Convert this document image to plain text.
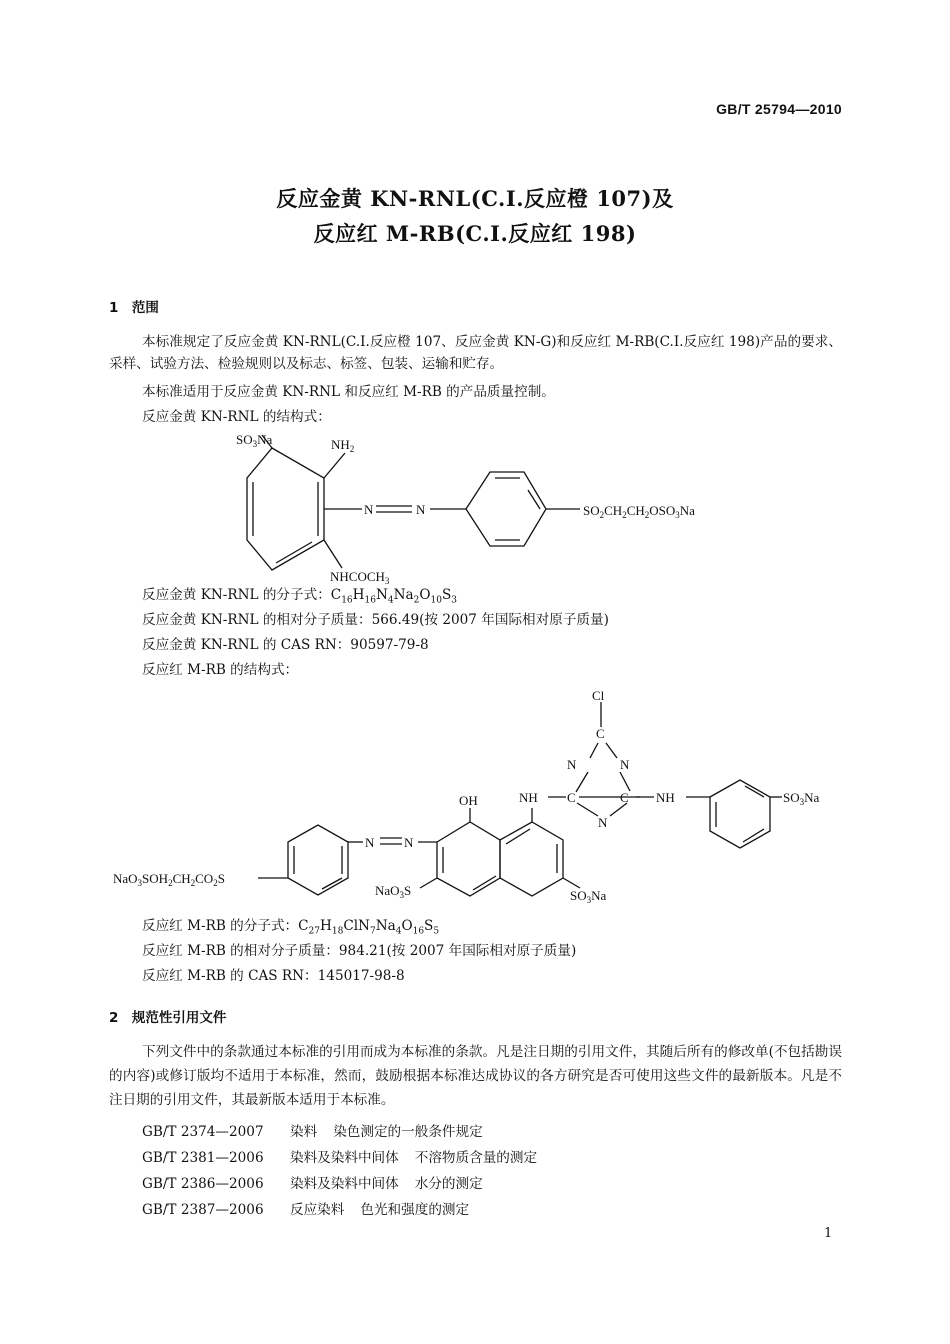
GB/T 25794—2010
反应金黄 KN-RNL(C.I.反应橙 107)及
反应红 M-RB(C.I.反应红 198)
1　范围
本标准规定了反应金黄 KN-RNL(C.I.反应橙 107、反应金黄 KN-G)和反应红 M-RB(C.I.反应红 198)产品的要求、采样、试验方法、检验规则以及标志、标签、包装、运输和贮存。
本标准适用于反应金黄 KN-RNL 和反应红 M-RB 的产品质量控制。
反应金黄 KN-RNL 的结构式：
$SO_3Na$	$NH_2$
N	N	$SO_2CH_2CH_2OSO_3Na$
$NHCOCH_3$
$NaO_3SOH_2CH_2CO_2S$
N N
OH	NH
NaO$_3$S	$SO_3Na$
Cl
C
N	N
C	C
N
NH	$SO_3Na$
反应金黄 KN-RNL 的分子式：$C_{16}H_{16}N_4Na_2O_{10}S_3$
反应金黄 KN-RNL 的相对分子质量：566.49(按 2007 年国际相对原子质量)
反应金黄 KN-RNL 的 CAS RN：90597-79-8
反应红 M-RB 的结构式：
反应红 M-RB 的分子式：$C_{27}H_{18}ClN_7Na_4O_{16}S_5$
反应红 M-RB 的相对分子质量：984.21(按 2007 年国际相对原子质量)
反应红 M-RB 的 CAS RN：145017-98-8
2　规范性引用文件
下列文件中的条款通过本标准的引用而成为本标准的条款。凡是注日期的引用文件，其随后所有的修改单(不包括勘误的内容)或修订版均不适用于本标准，然而，鼓励根据本标准达成协议的各方研究是否可使用这些文件的最新版本。凡是不注日期的引用文件，其最新版本适用于本标准。
GB/T 2374—2007 染料 染色测定的一般条件规定
GB/T 2381—2006 染料及染料中间体 不溶物质含量的测定
GB/T 2386—2006 染料及染料中间体 水分的测定
GB/T 2387—2006 反应染料 色光和强度的测定
1
